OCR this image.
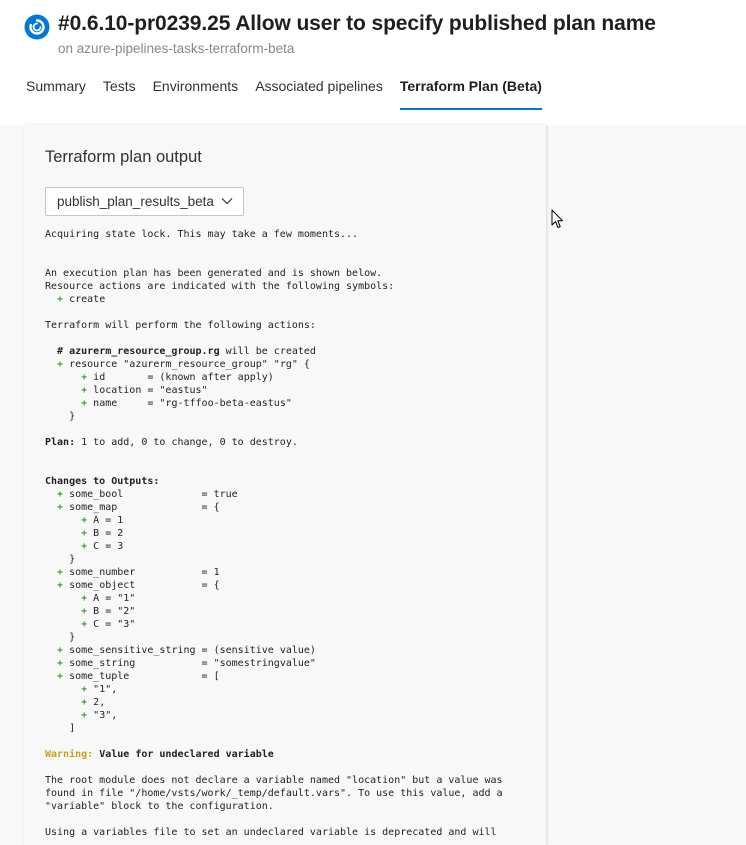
#0.6.10-pr0239.25 Allow user to specify published plan name
on azure-pipelines-tasks-terraform-beta
Summary Tests Environments Associated pipelines Terraform Plan (Beta)
Terraform plan output
publish_plan_results_beta
Acquiring state lock. This may take a few moments...
An execution plan has been generated and is shown below.
Resource actions are indicated with the following symbols:
+ create
Terraform will perform the following actions:
# azurerm_resource_group.rg will be created
+ resource "azurerm_resource_group" "rg" {
+ id       = (known after apply)
+ location = "eastus"
+ name     = "rg-tffoo-beta-eastus"
}
Plan: 1 to add, 0 to change, 0 to destroy.
Changes to Outputs:
+ some_bool             = true
+ some_map              = {
+ A = 1
+ B = 2
+ C = 3
}
+ some_number           = 1
+ some_object           = {
+ A = "1"
+ B = "2"
+ C = "3"
}
+ some_sensitive_string = (sensitive value)
+ some_string           = "somestringvalue"
+ some_tuple            = [
+ "1",
+ 2,
+ "3",
]
Warning: Value for undeclared variable
The root module does not declare a variable named "location" but a value was
found in file "/home/vsts/work/_temp/default.vars". To use this value, add a
"variable" block to the configuration.
Using a variables file to set an undeclared variable is deprecated and will
